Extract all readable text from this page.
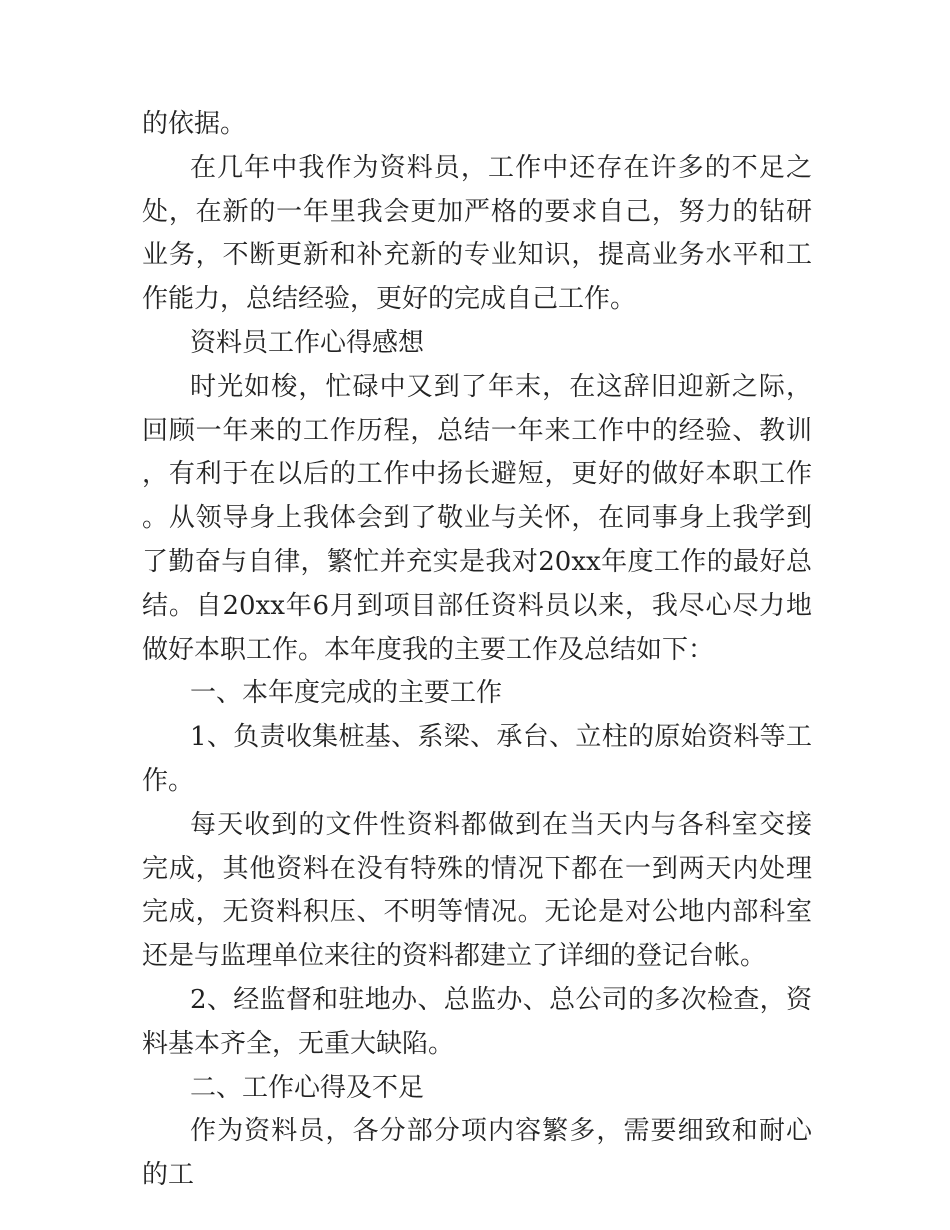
的依据。

在几年中我作为资料员，工作中还存在许多的不足之处，在新的一年里我会更加严格的要求自己，努力的钻研业务，不断更新和补充新的专业知识，提高业务水平和工作能力，总结经验，更好的完成自己工作。

资料员工作心得感想

时光如梭，忙碌中又到了年末，在这辞旧迎新之际，回顾一年来的工作历程，总结一年来工作中的经验、教训，有利于在以后的工作中扬长避短，更好的做好本职工作。从领导身上我体会到了敬业与关怀，在同事身上我学到了勤奋与自律，繁忙并充实是我对20xx年度工作的最好总结。自20xx年6月到项目部任资料员以来，我尽心尽力地做好本职工作。本年度我的主要工作及总结如下：

一、本年度完成的主要工作

1、负责收集桩基、系梁、承台、立柱的原始资料等工作。

每天收到的文件性资料都做到在当天内与各科室交接完成，其他资料在没有特殊的情况下都在一到两天内处理完成，无资料积压、不明等情况。无论是对公地内部科室还是与监理单位来往的资料都建立了详细的登记台帐。

2、经监督和驻地办、总监办、总公司的多次检查，资料基本齐全，无重大缺陷。

二、工作心得及不足

作为资料员，各分部分项内容繁多，需要细致和耐心的工
